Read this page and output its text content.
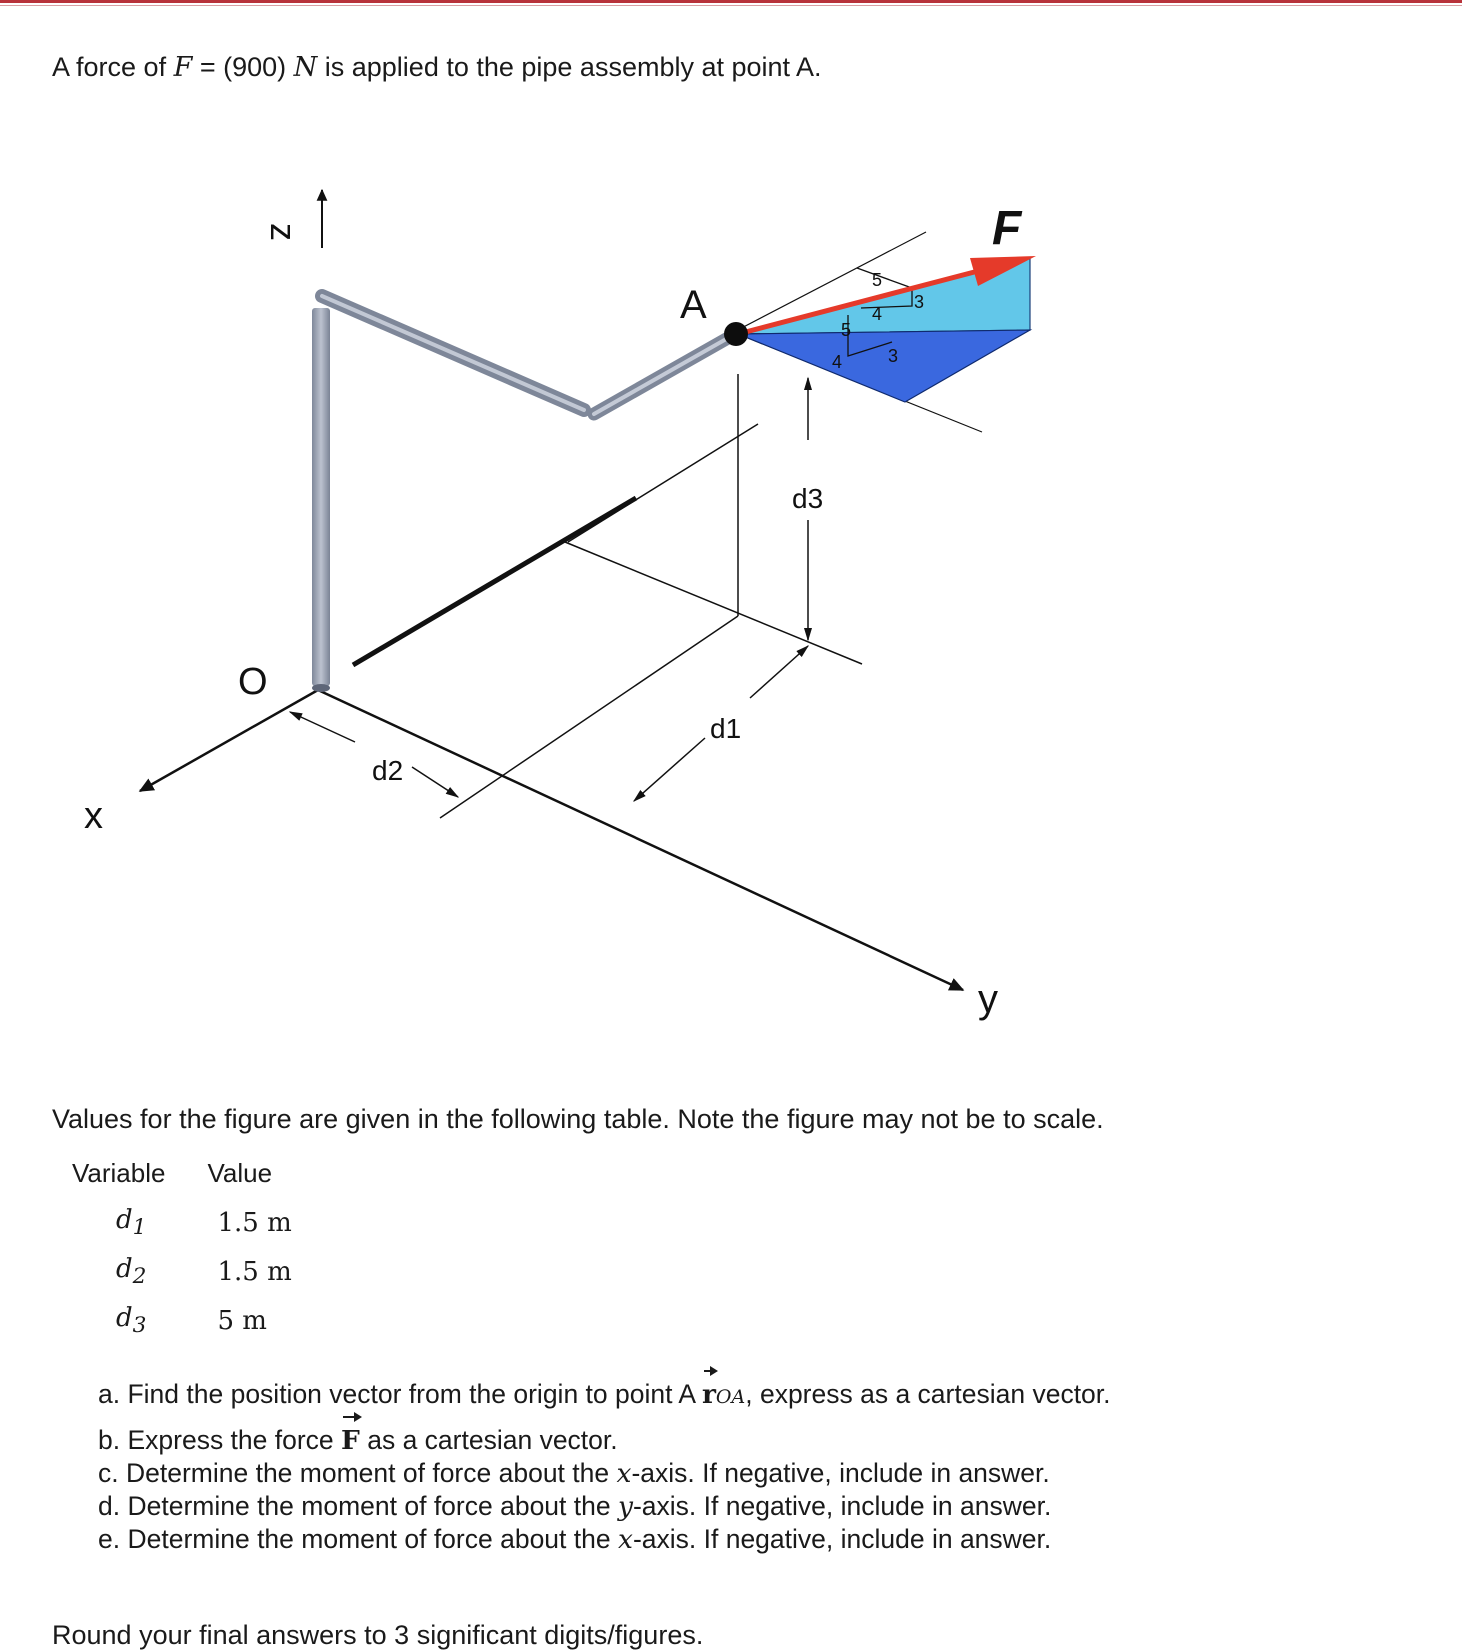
A force of F = (900) N is applied to the pipe assembly at point A.
5
4
3
5
4	3
z
O
x
y
A
F
d1
d2
d3
Values for the figure are given in the following table. Note the figure may not be to scale.
Variable	Value
$d_1$	1.5 m
$d_2$	1.5 m
$d_3$	5 m
a. Find the position vector from the origin to point A rOA, express as a cartesian vector.
b. Express the force F as a cartesian vector.
c. Determine the moment of force about the x-axis. If negative, include in answer.
d. Determine the moment of force about the y-axis. If negative, include in answer.
e. Determine the moment of force about the x-axis. If negative, include in answer.
Round your final answers to 3 significant digits/figures.
